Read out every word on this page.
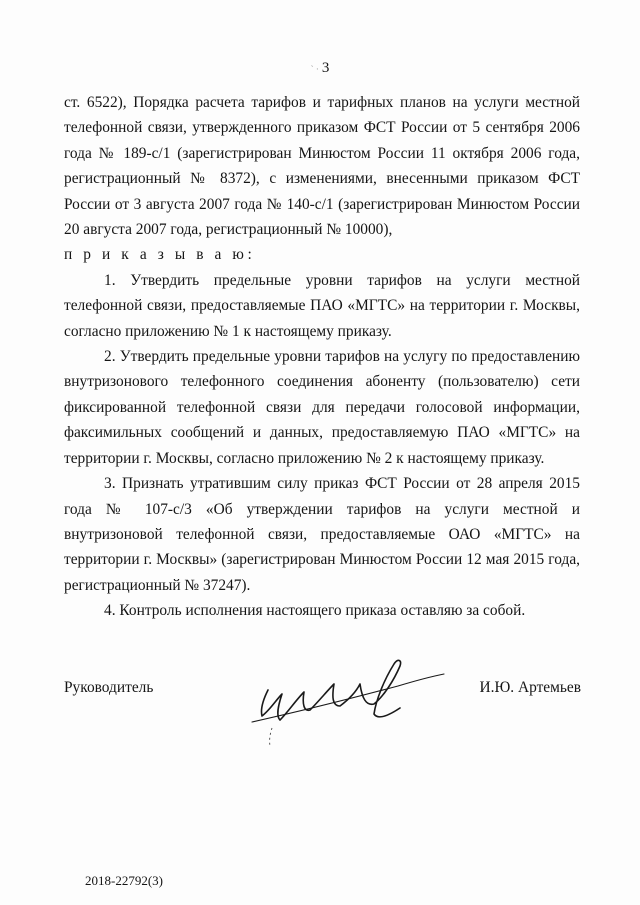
` · 3

ст. 6522), Порядка расчета тарифов и тарифных планов на услуги местной телефонной связи, утвержденного приказом ФСТ России от 5 сентября 2006 года № 189-с/1 (зарегистрирован Минюстом России 11 октября 2006 года, регистрационный № 8372), с изменениями, внесенными приказом ФСТ России от 3 августа 2007 года № 140-с/1 (зарегистрирован Минюстом России 20 августа 2007 года, регистрационный № 10000),

п р и к а з ы в а ю:

1. Утвердить предельные уровни тарифов на услуги местной телефонной связи, предоставляемые ПАО «МГТС» на территории г. Москвы, согласно приложению № 1 к настоящему приказу.

2. Утвердить предельные уровни тарифов на услугу по предоставлению внутризонового телефонного соединения абоненту (пользователю) сети фиксированной телефонной связи для передачи голосовой информации, факсимильных сообщений и данных, предоставляемую ПАО «МГТС» на территории г. Москвы, согласно приложению № 2 к настоящему приказу.

3. Признать утратившим силу приказ ФСТ России от 28 апреля 2015 года № 107-с/3 «Об утверждении тарифов на услуги местной и внутризоновой телефонной связи, предоставляемые ОАО «МГТС» на территории г. Москвы» (зарегистрирован Минюстом России 12 мая 2015 года, регистрационный № 37247).

4. Контроль исполнения настоящего приказа оставляю за собой.

Руководитель	И.Ю. Артемьев
2018-22792(3)
